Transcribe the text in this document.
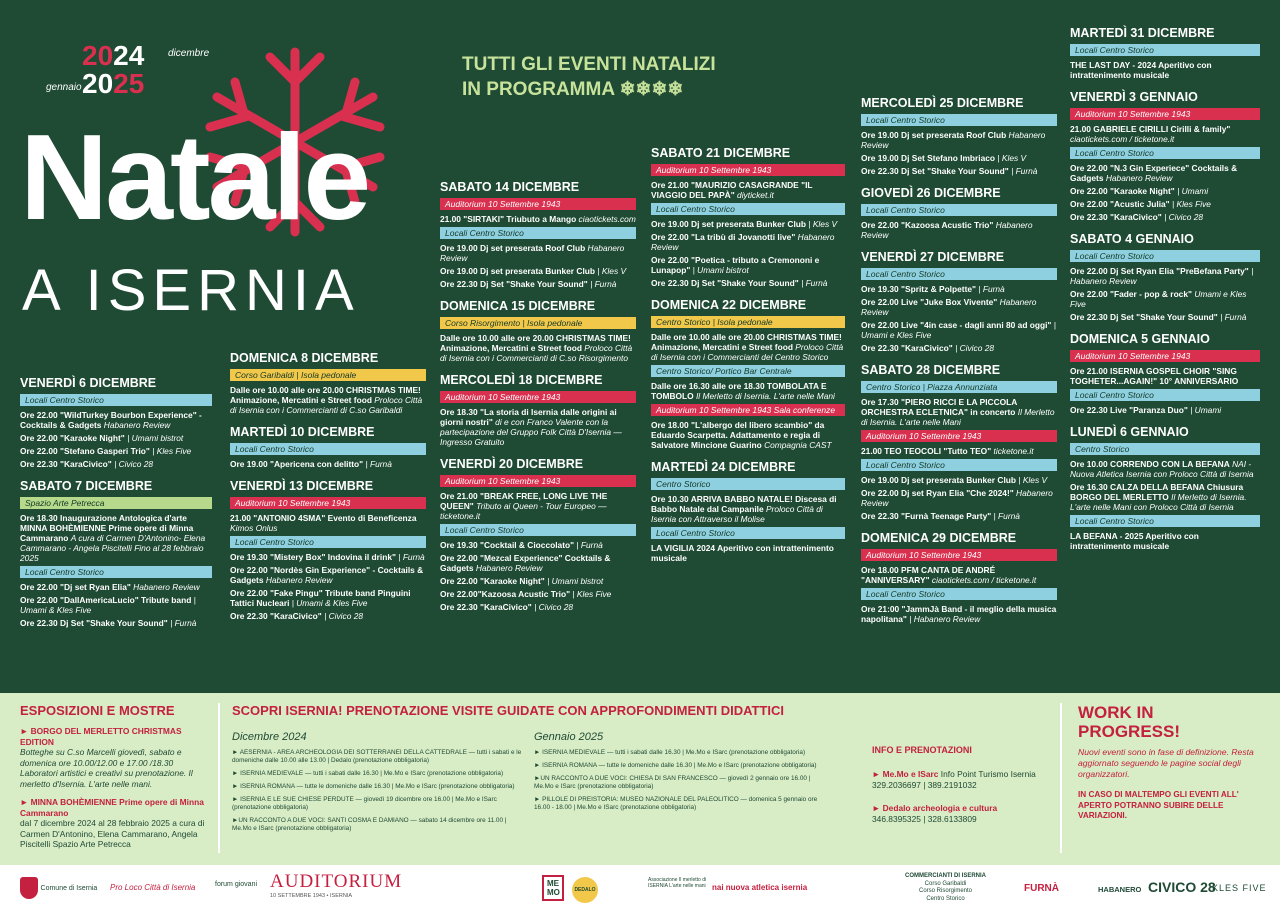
2024 dicembre
2025
gennaio
Natale
A ISERNIA
TUTTI GLI EVENTI NATALIZI
IN PROGRAMMA ❄❄❄❄
VENERDÌ 6 DICEMBRE
Locali Centro Storico
Ore 22.00 "WildTurkey Bourbon Experience" - Cocktails & Gadgets Habanero Review
Ore 22.00 "Karaoke Night" | Umami bistrot
Ore 22.00 "Stefano Gasperi Trio" | Kles Five
Ore 22.30 "KaraCivico" | Civico 28
SABATO 7 DICEMBRE
Spazio Arte Petrecca
Ore 18.30 Inaugurazione Antologica d'arte MINNA BOHÈMIENNE Prime opere di Minna Cammarano A cura di Carmen D'Antonino- Elena Cammarano - Angela Piscitelli Fino al 28 febbraio 2025
Locali Centro Storico
Ore 22.00 "Dj set Ryan Elia" Habanero Review
Ore 22.00 "DallAmericaLucio" Tribute band | Umami & Kles Five
Ore 22.30 Dj Set "Shake Your Sound" | Furnà
DOMENICA 8 DICEMBRE
Corso Garibaldi | Isola pedonale
Dalle ore 10.00 alle ore 20.00 CHRISTMAS TIME! Animazione, Mercatini e Street food Proloco Città di Isernia con i Commercianti di C.so Garibaldi
MARTEDÌ 10 DICEMBRE
Locali Centro Storico
Ore 19.00 "Apericena con delitto" | Furnà
VENERDÌ 13 DICEMBRE
Auditorium 10 Settembre 1943
21.00 "ANTONIO 4SMA" Evento di Beneficenza Kimos Onlus
Locali Centro Storico
Ore 19.30 "Mistery Box" Indovina il drink" | Furnà
Ore 22.00 "Nordès Gin Experience" - Cocktails & Gadgets Habanero Review
Ore 22.00 "Fake Pingu" Tribute band Pinguini Tattici Nucleari | Umami & Kles Five
Ore 22.30 "KaraCivico" | Civico 28
SABATO 14 DICEMBRE
Auditorium 10 Settembre 1943
21.00 "SIRTAKI" Triubuto a Mango ciaotickets.com
Locali Centro Storico
Ore 19.00 Dj set preserata Roof Club Habanero Review
Ore 19.00 Dj set preserata Bunker Club | Kles V
Ore 22.30 Dj Set "Shake Your Sound" | Furnà
DOMENICA 15 DICEMBRE
Corso Risorgimento | Isola pedonale
Dalle ore 10.00 alle ore 20.00 CHRISTMAS TIME! Animazione, Mercatini e Street food Proloco Città di Isernia con i Commercianti di C.so Risorgimento
MERCOLEDÌ 18 DICEMBRE
Auditorium 10 Settembre 1943
Ore 18.30 "La storia di Isernia dalle origini ai giorni nostri" di e con Franco Valente con la partecipazione del Gruppo Folk Città D'Isernia — Ingresso Gratuito
VENERDÌ 20 DICEMBRE
Auditorium 10 Settembre 1943
Ore 21.00 "BREAK FREE, LONG LIVE THE QUEEN" Tributo ai Queen - Tour Europeo — ticketone.it
Locali Centro Storico
Ore 19.30 "Cocktail & Cioccolato" | Furnà
Ore 22.00 "Mezcal Experience" Cocktails & Gadgets Habanero Review
Ore 22.00 "Karaoke Night" | Umami bistrot
Ore 22.00"Kazoosa Acustic Trio" | Kles Five
Ore 22.30 "KaraCivico" | Civico 28
SABATO 21 DICEMBRE
Auditorium 10 Settembre 1943
Ore 21.00 "MAURIZIO CASAGRANDE "IL VIAGGIO DEL PAPÀ" diyticket.it
Locali Centro Storico
Ore 19.00 Dj set preserata Bunker Club | Kles V
Ore 22.00 "La tribù di Jovanotti live" Habanero Review
Ore 22.00 "Poetica - tributo a Cremononi e Lunapop" | Umami bistrot
Ore 22.30 Dj Set "Shake Your Sound" | Furnà
DOMENICA 22 DICEMBRE
Centro Storico | Isola pedonale
Dalle ore 10.00 alle ore 20.00 CHRISTMAS TIME! Animazione, Mercatini e Street food Proloco Città di Isernia con i Commercianti del Centro Storico
Centro Storico/ Portico Bar Centrale
Dalle ore 16.30 alle ore 18.30 TOMBOLATA E TOMBOLO Il Merletto di Isernia. L'arte nelle Mani
Auditorium 10 Settembre 1943 Sala conferenze
Ore 18.00 "L'albergo del libero scambio" da Eduardo Scarpetta. Adattamento e regia di Salvatore Mincione Guarino Compagnia CAST
MARTEDÌ 24 DICEMBRE
Centro Storico
Ore 10.30 ARRIVA BABBO NATALE! Discesa di Babbo Natale dal Campanile Proloco Città di Isernia con Attraverso il Molise
Locali Centro Storico
LA VIGILIA 2024 Aperitivo con intrattenimento musicale
MERCOLEDÌ 25 DICEMBRE
Locali Centro Storico
Ore 19.00 Dj set preserata Roof Club Habanero Review
Ore 19.00 Dj Set Stefano Imbriaco | Kles V
Ore 22.30 Dj Set "Shake Your Sound" | Furnà
GIOVEDÌ 26 DICEMBRE
Locali Centro Storico
Ore 22.00 "Kazoosa Acustic Trio" Habanero Review
VENERDÌ 27 DICEMBRE
Locali Centro Storico
Ore 19.30 "Spritz & Polpette" | Furnà
Ore 22.00 Live "Juke Box Vivente" Habanero Review
Ore 22.00 Live "4in case - dagli anni 80 ad oggi" | Umami e Kles Five
Ore 22.30 "KaraCivico" | Civico 28
SABATO 28 DICEMBRE
Centro Storico | Piazza Annunziata
Ore 17.30 "PIERO RICCI E LA PICCOLA ORCHESTRA ECLETNICA" in concerto Il Merletto di Isernia. L'arte nelle Mani
Auditorium 10 Settembre 1943
21.00 TEO TEOCOLI "Tutto TEO" ticketone.it
Locali Centro Storico
Ore 19.00 Dj set preserata Bunker Club | Kles V
Ore 22.00 Dj set Ryan Elia "Che 2024!" Habanero Review
Ore 22.30 "Furnà Teenage Party" | Furnà
DOMENICA 29 DICEMBRE
Auditorium 10 Settembre 1943
Ore 18.00 PFM CANTA DE ANDRÉ "ANNIVERSARY" ciaotickets.com / ticketone.it
Locali Centro Storico
Ore 21:00 "JammJà Band - il meglio della musica napolitana" | Habanero Review
MARTEDÌ 31 DICEMBRE
Locali Centro Storico
THE LAST DAY - 2024 Aperitivo con intrattenimento musicale
VENERDÌ 3 GENNAIO
Auditorium 10 Settembre 1943
21.00 GABRIELE CIRILLI Cirilli & family" ciaotickets.com / ticketone.it
Locali Centro Storico
Ore 22.00 "N.3 Gin Experiece" Cocktails & Gadgets Habanero Review
Ore 22.00 "Karaoke Night" | Umami
Ore 22.00 "Acustic Julia" | Kles Five
Ore 22.30 "KaraCivico" | Civico 28
SABATO 4 GENNAIO
Locali Centro Storico
Ore 22.00 Dj Set Ryan Elia "PreBefana Party" | Habanero Review
Ore 22.00 "Fader - pop & rock" Umami e Kles Five
Ore 22.30 Dj Set "Shake Your Sound" | Furnà
DOMENICA 5 GENNAIO
Auditorium 10 Settembre 1943
Ore 21.00 ISERNIA GOSPEL CHOIR "SING TOGHETER...AGAIN!" 10° ANNIVERSARIO
Locali Centro Storico
Ore 22.30 Live "Paranza Duo" | Umami
LUNEDÌ 6 GENNAIO
Centro Storico
Ore 10.00 CORRENDO CON LA BEFANA NAI - Nuova Atletica Isernia con Proloco Città di Isernia
Ore 16.30 CALZA DELLA BEFANA Chiusura BORGO DEL MERLETTO Il Merletto di Isernia. L'arte nelle Mani con Proloco Città di Isernia
Locali Centro Storico
LA BEFANA - 2025 Aperitivo con intrattenimento musicale
ESPOSIZIONI E MOSTRE
► BORGO DEL MERLETTO CHRISTMAS EDITION
Botteghe su C.so Marcelli giovedì, sabato e domenica ore 10.00/12.00 e 17.00 /18.30 Laboratori artistici e creativi su prenotazione. Il merletto d'Isernia. L'arte nelle mani.
► MINNA BOHÈMIENNE Prime opere di Minna Cammarano
dal 7 dicembre 2024 al 28 febbraio 2025 a cura di Carmen D'Antonino, Elena Cammarano, Angela Piscitelli Spazio Arte Petrecca
SCOPRI ISERNIA! PRENOTAZIONE VISITE GUIDATE CON APPROFONDIMENTI DIDATTICI
Dicembre 2024
► AESERNIA - AREA ARCHEOLOGIA DEI SOTTERRANEI DELLA CATTEDRALE — tutti i sabati e le domeniche dalle 10.00 alle 13.00 | Dedalo (prenotazione obbligatoria)
► ISERNIA MEDIEVALE — tutti i sabati dalle 16.30 | Me.Mo e ISarc (prenotazione obbligatoria)
► ISERNIA ROMANA — tutte le domeniche dalle 16.30 | Me.Mo e ISarc (prenotazione obbligatoria)
► ISERNIA E LE SUE CHIESE PERDUTE — giovedì 19 dicembre ore 16.00 | Me.Mo e ISarc (prenotazione obbligatoria)
►UN RACCONTO A DUE VOCI: SANTI COSMA E DAMIANO — sabato 14 dicembre ore 11.00 | Me.Mo e ISarc (prenotazione obbligatoria)
Gennaio 2025
► ISERNIA MEDIEVALE — tutti i sabati dalle 16.30 | Me.Mo e ISarc (prenotazione obbligatoria)
► ISERNIA ROMANA — tutte le domeniche dalle 16.30 | Me.Mo e ISarc (prenotazione obbligatoria)
►UN RACCONTO A DUE VOCI: CHIESA DI SAN FRANCESCO — giovedì 2 gennaio ore 16.00 | Me.Mo e ISarc (prenotazione obbligatoria)
► PILLOLE DI PREISTORIA: MUSEO NAZIONALE DEL PALEOLITICO — domenica 5 gennaio ore 16.00 - 18.00 | Me.Mo e ISarc (prenotazione obbligatoria)
INFO E PRENOTAZIONI
► Me.Mo e ISarc Info Point Turismo Isernia
329.2036697 | 389.2191032
► Dedalo archeologia e cultura
346.8395325 | 328.6133809
WORK IN PROGRESS!
Nuovi eventi sono in fase di definizione. Resta aggiornato seguendo le pagine social degli organizzatori.
IN CASO DI MALTEMPO GLI EVENTI ALL' APERTO POTRANNO SUBIRE DELLE VARIAZIONI.
Comune di Isernia Pro Loco Città di Isernia	forum giovani AUDITORIUM
10 SETTEMBRE 1943 • ISERNIA
ME MO	DEDALO
Associazione Il merletto di ISERNIA L'arte nelle mani nai nuova atletica isernia
COMMERCIANTI DI ISERNIA
Corso Garibaldi
Corso Risorgimento
Centro Storico
FURNÀ	HABANERO CIVICO 28
KLES FIVE
